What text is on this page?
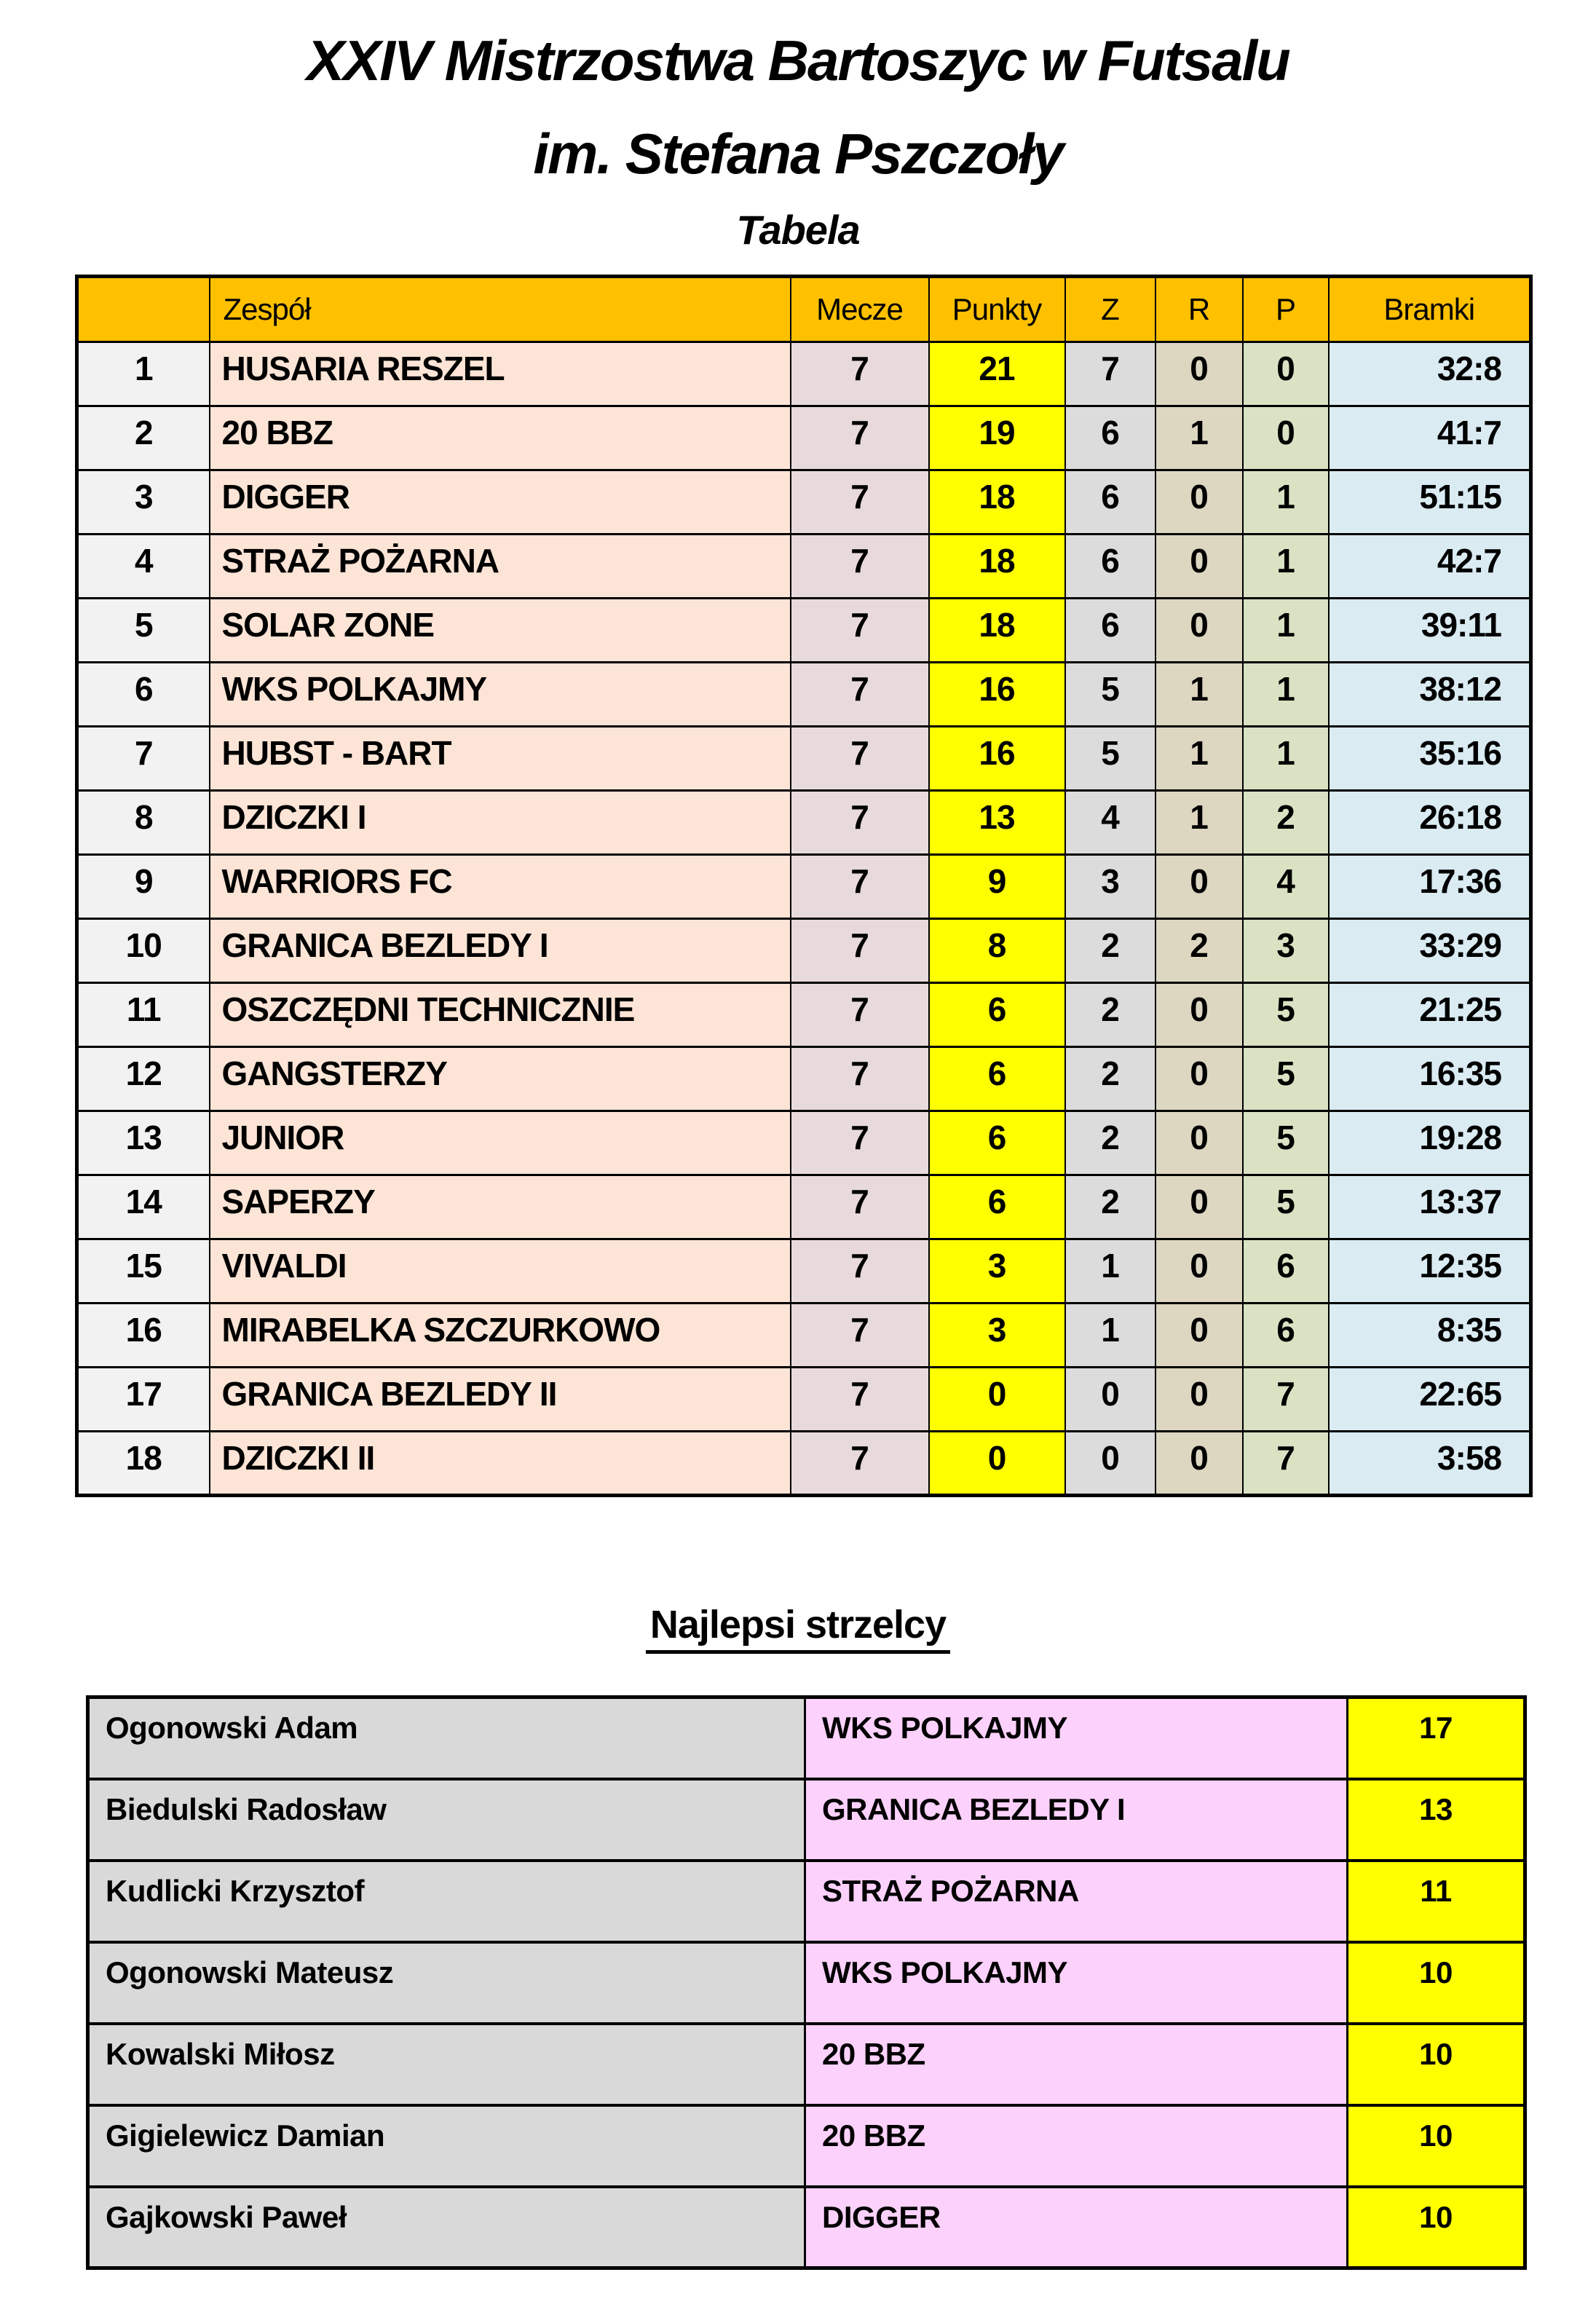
XXIV Mistrzostwa Bartoszyc w Futsalu
im. Stefana Pszczoły
Tabela
	Zespół	Mecze	Punkty	Z	R	P	Bramki
1	HUSARIA RESZEL	7	21	7	0	0	32:8
2	20 BBZ	7	19	6	1	0	41:7
3	DIGGER	7	18	6	0	1	51:15
4	STRAŻ POŻARNA	7	18	6	0	1	42:7
5	SOLAR ZONE	7	18	6	0	1	39:11
6	WKS POLKAJMY	7	16	5	1	1	38:12
7	HUBST - BART	7	16	5	1	1	35:16
8	DZICZKI I	7	13	4	1	2	26:18
9	WARRIORS FC	7	9	3	0	4	17:36
10	GRANICA BEZLEDY I	7	8	2	2	3	33:29
11	OSZCZĘDNI TECHNICZNIE	7	6	2	0	5	21:25
12	GANGSTERZY	7	6	2	0	5	16:35
13	JUNIOR	7	6	2	0	5	19:28
14	SAPERZY	7	6	2	0	5	13:37
15	VIVALDI	7	3	1	0	6	12:35
16	MIRABELKA SZCZURKOWO	7	3	1	0	6	8:35
17	GRANICA BEZLEDY II	7	0	0	0	7	22:65
18	DZICZKI II	7	0	0	0	7	3:58
Najlepsi strzelcy
Ogonowski Adam	WKS POLKAJMY	17
Biedulski Radosław	GRANICA BEZLEDY I	13
Kudlicki Krzysztof	STRAŻ POŻARNA	11
Ogonowski Mateusz	WKS POLKAJMY	10
Kowalski Miłosz	20 BBZ	10
Gigielewicz Damian	20 BBZ	10
Gajkowski Paweł	DIGGER	10
